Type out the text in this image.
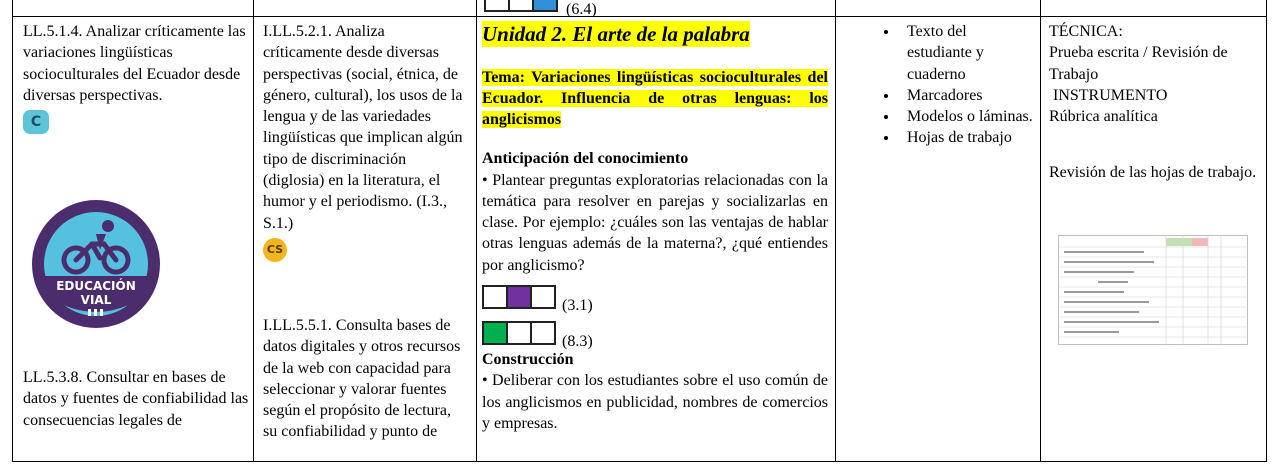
(6.4)
LL.5.1.4. Analizar críticamente las variaciones lingüísticas socioculturales del Ecuador desde diversas perspectivas.
C
EDUCACIÓN
VIAL
LL.5.3.8. Consultar en bases de datos y fuentes de confiabilidad las consecuencias legales de
I.LL.5.2.1. Analiza críticamente desde diversas perspectivas (social, étnica, de género, cultural), los usos de la lengua y de las variedades lingüísticas que implican algún tipo de discriminación (diglosia) en la literatura, el humor y el periodismo. (I.3., S.1.)
CS
I.LL.5.5.1. Consulta bases de datos digitales y otros recursos de la web con capacidad para seleccionar y valorar fuentes según el propósito de lectura, su confiabilidad y punto de
Unidad 2. El arte de la palabra
Tema: Variaciones lingüísticas socioculturales del Ecuador. Influencia de otras lenguas: los anglicismos
Anticipación del conocimiento
• Plantear preguntas exploratorias relacionadas con la temática para resolver en parejas y socializarlas en clase. Por ejemplo: ¿cuáles son las ventajas de hablar otras lenguas además de la materna?, ¿qué entiendes por anglicismo?
(3.1)
(8.3)
Construcción
• Deliberar con los estudiantes sobre el uso común de los anglicismos en publicidad, nombres de comercios y empresas.
• Texto del estudiante y cuaderno
• Marcadores
• Modelos o láminas.
• Hojas de trabajo
TÉCNICA:
Prueba escrita / Revisión de Trabajo
INSTRUMENTO
Rúbrica analítica
Revisión de las hojas de trabajo.
